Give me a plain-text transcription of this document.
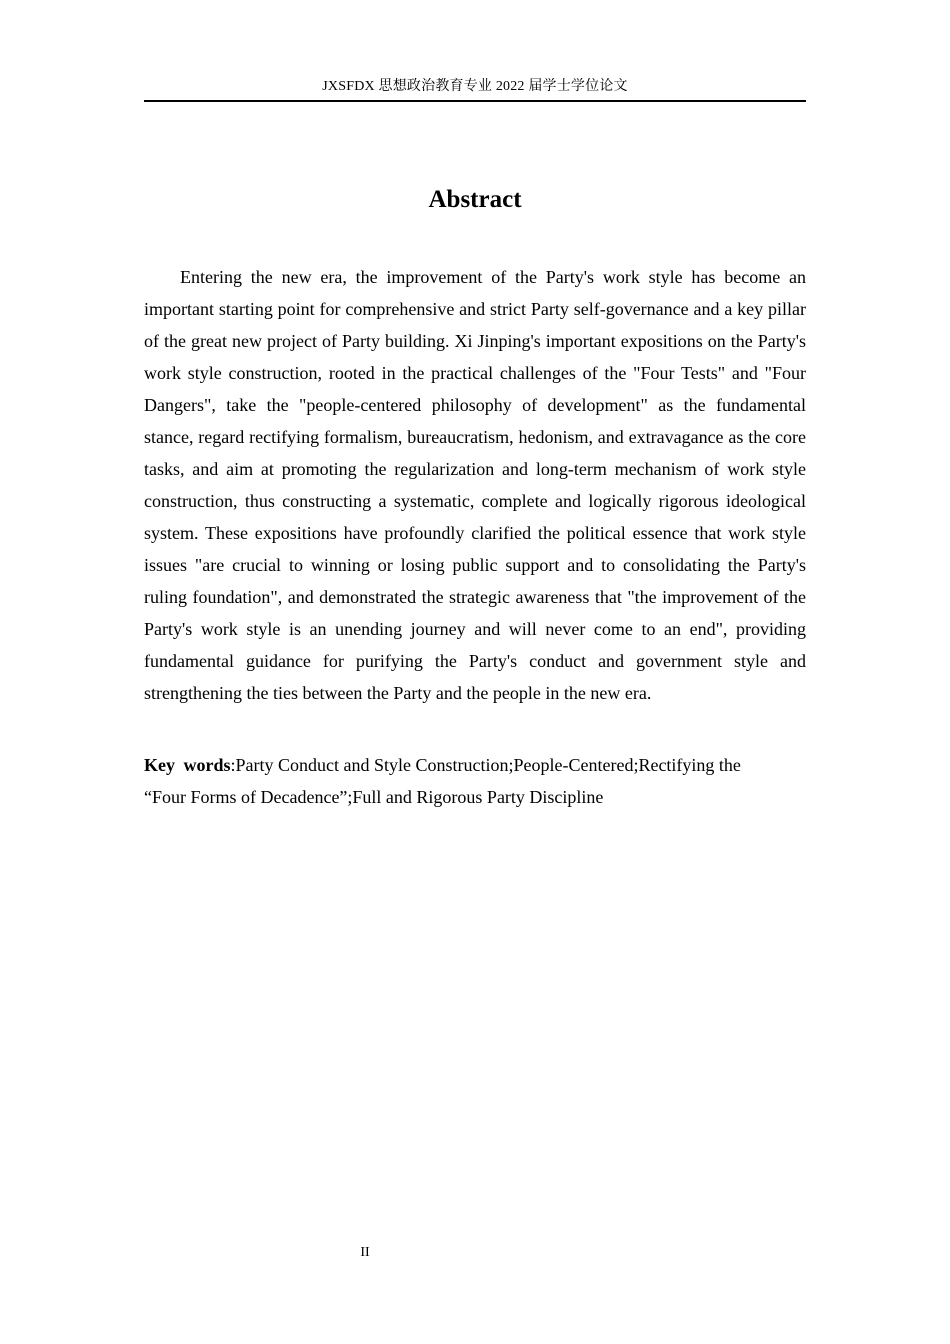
JXSFDX 思想政治教育专业 2022 届学士学位论文
Abstract

Entering the new era, the improvement of the Party's work style has become an important starting point for comprehensive and strict Party self-governance and a key pillar of the great new project of Party building. Xi Jinping's important expositions on the Party's work style construction, rooted in the practical challenges of the "Four Tests" and "Four Dangers", take the "people-centered philosophy of development" as the fundamental stance, regard rectifying formalism, bureaucratism, hedonism, and extravagance as the core tasks, and aim at promoting the regularization and long-term mechanism of work style construction, thus constructing a systematic, complete and logically rigorous ideological system. These expositions have profoundly clarified the political essence that work style issues "are crucial to winning or losing public support and to consolidating the Party's ruling foundation", and demonstrated the strategic awareness that "the improvement of the Party's work style is an unending journey and will never come to an end", providing fundamental guidance for purifying the Party's conduct and government style and strengthening the ties between the Party and the people in the new era.

Key words:Party Conduct and Style Construction;People-Centered;Rectifying the
“Four Forms of Decadence”;Full and Rigorous Party Discipline

II
